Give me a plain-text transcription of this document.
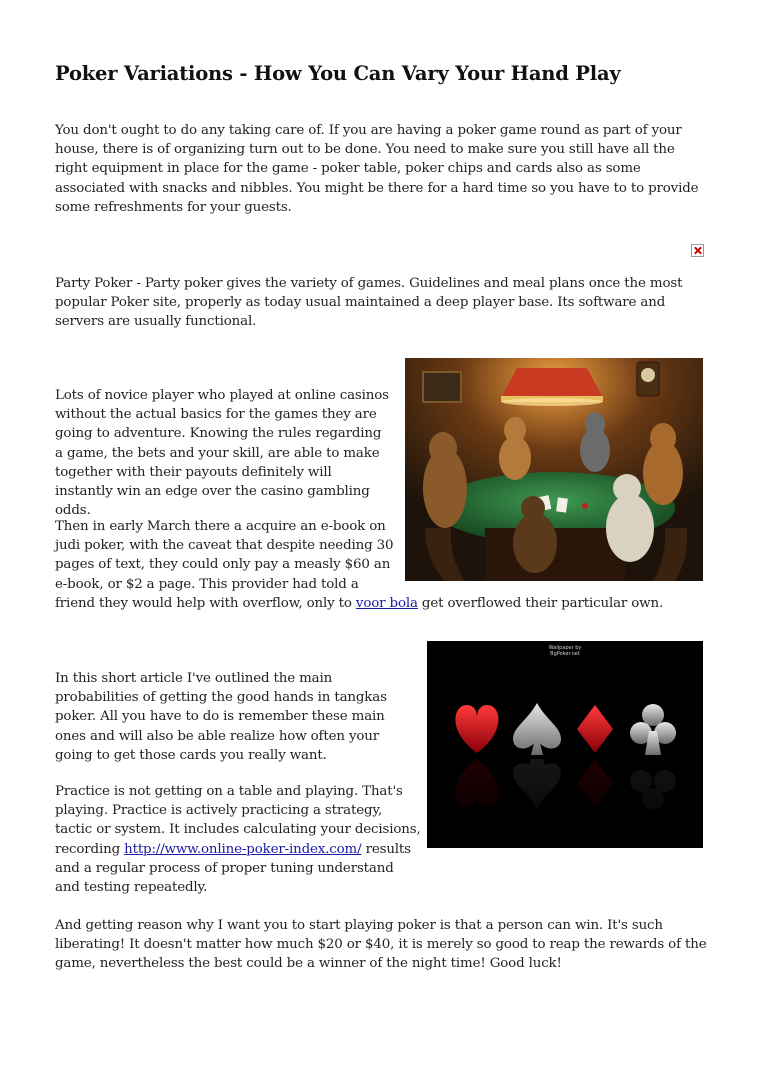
Poker Variations - How You Can Vary Your Hand Play

You don't ought to do any taking care of. If you are having a poker game round as part of your house, there is of organizing turn out to be done. You need to make sure you still have all the right equipment in place for the game - poker table, poker chips and cards also as some associated with snacks and nibbles. You might be there for a hard time so you have to to provide some refreshments for your guests.

Party Poker - Party poker gives the variety of games. Guidelines and meal plans once the most popular Poker site, properly as today usual maintained a deep player base. Its software and servers are usually functional.

Lots of novice player who played at online casinos without the actual basics for the games they are going to adventure. Knowing the rules regarding a game, the bets and your skill, are able to make together with their payouts definitely will instantly win an edge over the casino gambling odds.

Then in early March there a acquire an e-book on judi poker, with the caveat that despite needing 30 pages of text, they could only pay a measly $60 an e-book, or $2 a page. This provider had told a friend they would help with overflow, only to voor bola get overflowed their particular own.

Wallpaper by
BgPoker.net

In this short article I've outlined the main probabilities of getting the good hands in tangkas poker. All you have to do is remember these main ones and will also be able realize how often your going to get those cards you really want.

Practice is not getting on a table and playing. That's playing. Practice is actively practicing a strategy, tactic or system. It includes calculating your decisions, recording http://www.online-poker-index.com/ results and a regular process of proper tuning understand and testing repeatedly.

And getting reason why I want you to start playing poker is that a person can win. It's such liberating! It doesn't matter how much $20 or $40, it is merely so good to reap the rewards of the game, nevertheless the best could be a winner of the night time! Good luck!
